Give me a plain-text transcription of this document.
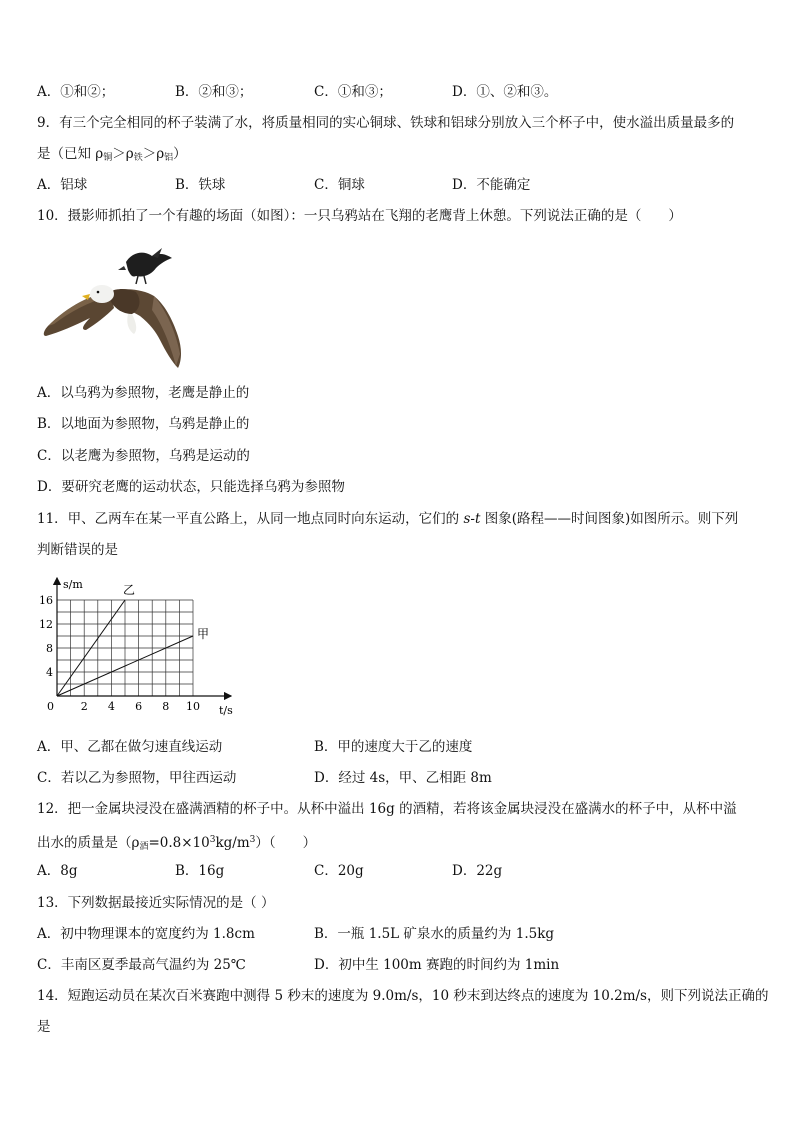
A．①和②；	B．②和③；	C．①和③；	D．①、②和③。
9．有三个完全相同的杯子装满了水，将质量相同的实心铜球、铁球和铝球分别放入三个杯子中，使水溢出质量最多的
是（已知 $\rho_铜>\rho_铁>\rho_铝$）
A．铝球	B．铁球	C．铜球	D．不能确定
10．摄影师抓拍了一个有趣的场面（如图）：一只乌鸦站在飞翔的老鹰背上休憩。下列说法正确的是（　　）
A．以乌鸦为参照物，老鹰是静止的
B．以地面为参照物，乌鸦是静止的
C．以老鹰为参照物，乌鸦是运动的
D．要研究老鹰的运动状态，只能选择乌鸦为参照物
11．甲、乙两车在某一平直公路上，从同一地点同时向东运动，它们的 s-t 图象(路程——时间图象)如图所示。则下列
判断错误的是
2 4 6 8 10
4
8
12
16
乙
甲
s/m
t/s
0
A．甲、乙都在做匀速直线运动	B．甲的速度大于乙的速度
C．若以乙为参照物，甲往西运动	D．经过 4s，甲、乙相距 8m
12．把一金属块浸没在盛满酒精的杯子中。从杯中溢出 16g 的酒精，若将该金属块浸没在盛满水的杯子中，从杯中溢
出水的质量是$(\rho_酒=0.8\times 10^3kg/m^3)$（　　）
A．8g	B．16g	C．20g	D．22g
13．下列数据最接近实际情况的是（ ）
A．初中物理课本的宽度约为 1.8cm	B．一瓶 1.5L 矿泉水的质量约为 1.5kg
C．丰南区夏季最高气温约为 25℃	D．初中生 100m 赛跑的时间约为 1min
14．短跑运动员在某次百米赛跑中测得 5 秒末的速度为 9.0m/s，10 秒末到达终点的速度为 10.2m/s，则下列说法正确的
是
